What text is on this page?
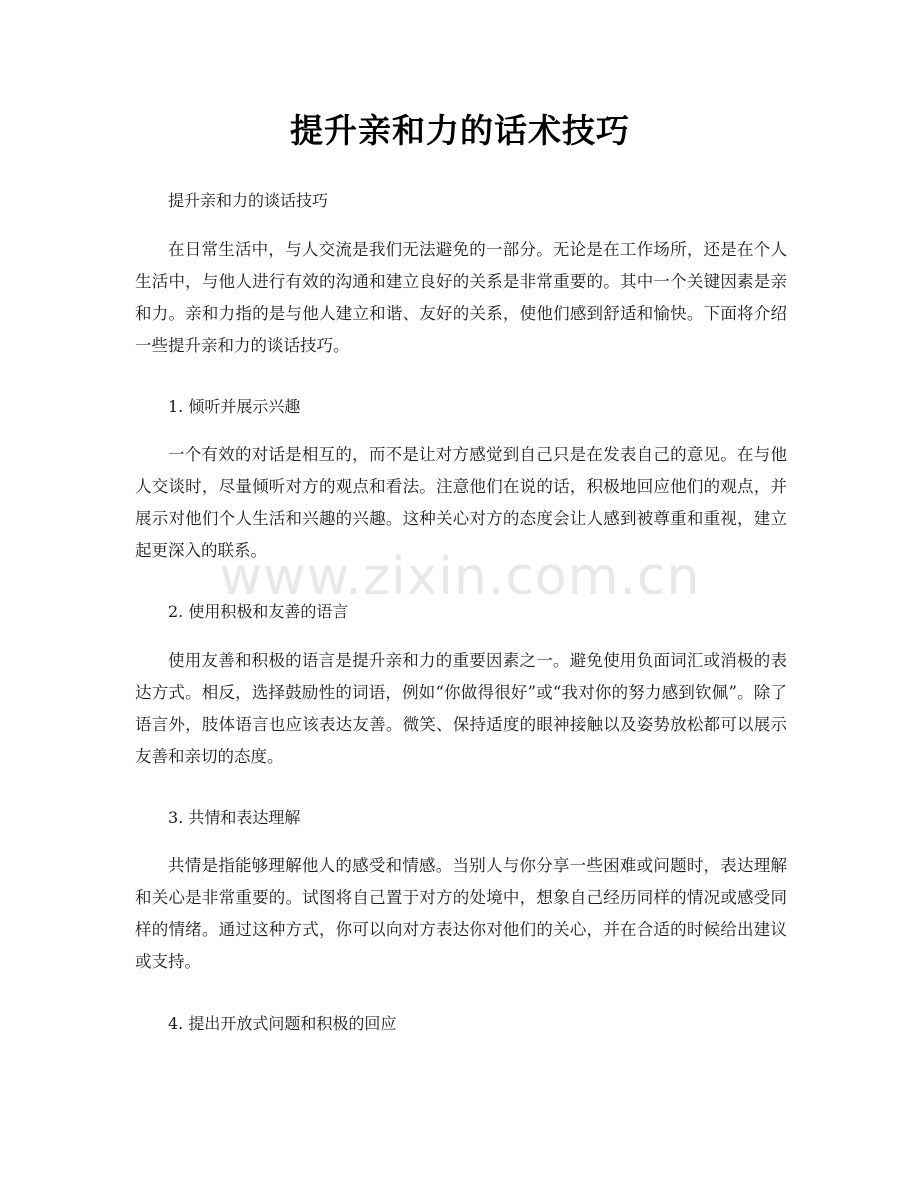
提升亲和力的话术技巧

提升亲和力的谈话技巧

在日常生活中，与人交流是我们无法避免的一部分。无论是在工作场所，还是在个人生活中，与他人进行有效的沟通和建立良好的关系是非常重要的。其中一个关键因素是亲和力。亲和力指的是与他人建立和谐、友好的关系，使他们感到舒适和愉快。下面将介绍一些提升亲和力的谈话技巧。

1. 倾听并展示兴趣

一个有效的对话是相互的，而不是让对方感觉到自己只是在发表自己的意见。在与他人交谈时，尽量倾听对方的观点和看法。注意他们在说的话，积极地回应他们的观点，并展示对他们个人生活和兴趣的兴趣。这种关心对方的态度会让人感到被尊重和重视，建立起更深入的联系。

2. 使用积极和友善的语言

使用友善和积极的语言是提升亲和力的重要因素之一。避免使用负面词汇或消极的表达方式。相反，选择鼓励性的词语，例如“你做得很好”或“我对你的努力感到钦佩”。除了语言外，肢体语言也应该表达友善。微笑、保持适度的眼神接触以及姿势放松都可以展示友善和亲切的态度。

3. 共情和表达理解

共情是指能够理解他人的感受和情感。当别人与你分享一些困难或问题时，表达理解和关心是非常重要的。试图将自己置于对方的处境中，想象自己经历同样的情况或感受同样的情绪。通过这种方式，你可以向对方表达你对他们的关心，并在合适的时候给出建议或支持。

4. 提出开放式问题和积极的回应

www.zixin.com.cn
